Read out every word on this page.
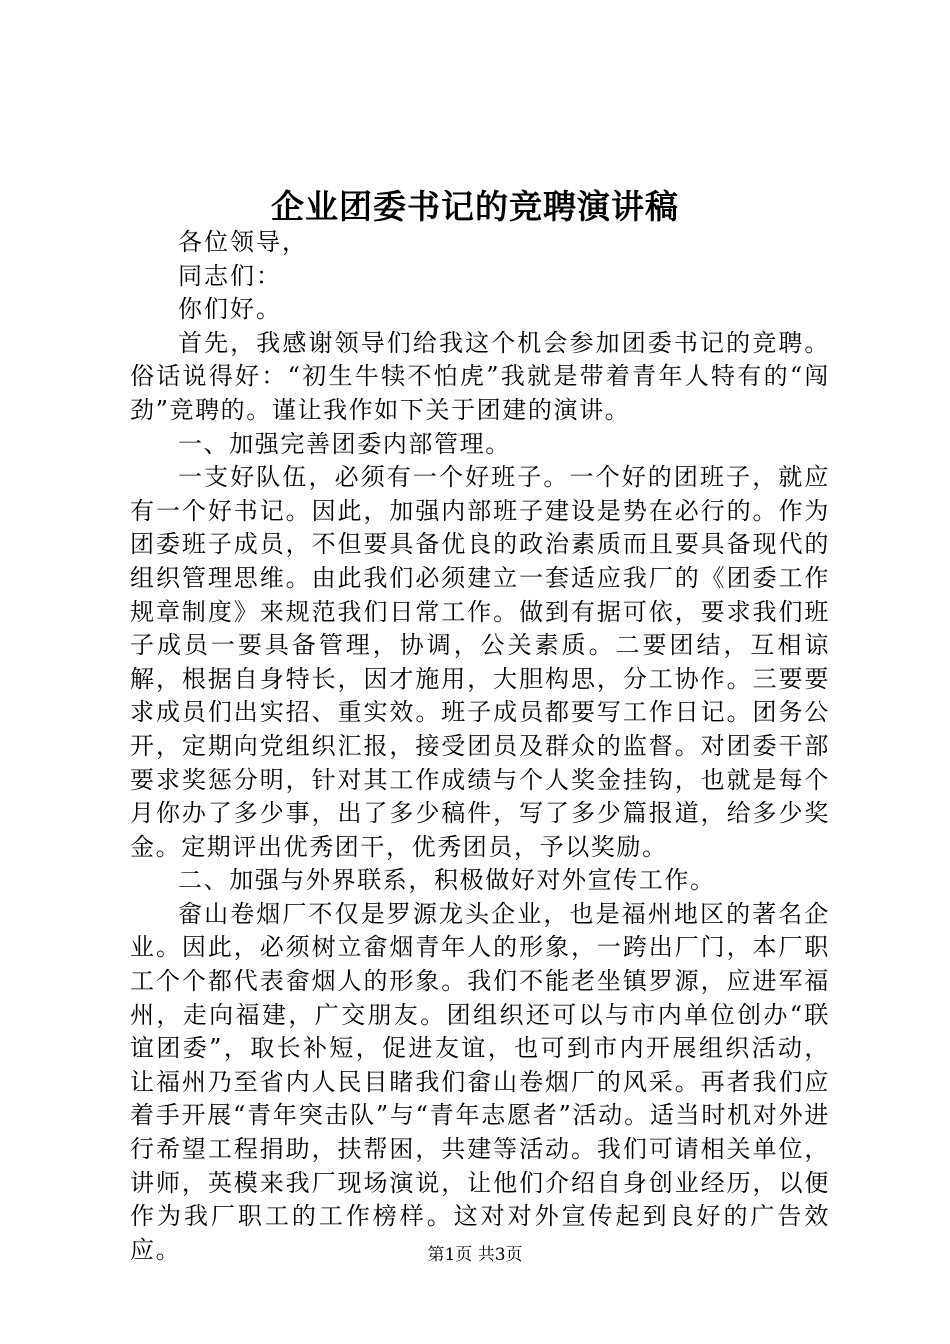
企业团委书记的竞聘演讲稿

各位领导，

同志们：

你们好。

首先，我感谢领导们给我这个机会参加团委书记的竞聘。俗话说得好：“初生牛犊不怕虎”我就是带着青年人特有的“闯劲”竞聘的。谨让我作如下关于团建的演讲。

一、加强完善团委内部管理。

一支好队伍，必须有一个好班子。一个好的团班子，就应有一个好书记。因此，加强内部班子建设是势在必行的。作为团委班子成员，不但要具备优良的政治素质而且要具备现代的组织管理思维。由此我们必须建立一套适应我厂的《团委工作规章制度》来规范我们日常工作。做到有据可依，要求我们班子成员一要具备管理，协调，公关素质。二要团结，互相谅解，根据自身特长，因才施用，大胆构思，分工协作。三要要求成员们出实招、重实效。班子成员都要写工作日记。团务公开，定期向党组织汇报，接受团员及群众的监督。对团委干部要求奖惩分明，针对其工作成绩与个人奖金挂钩，也就是每个月你办了多少事，出了多少稿件，写了多少篇报道，给多少奖金。定期评出优秀团干，优秀团员，予以奖励。

二、加强与外界联系，积极做好对外宣传工作。

畲山卷烟厂不仅是罗源龙头企业，也是福州地区的著名企业。因此，必须树立畲烟青年人的形象，一跨出厂门，本厂职工个个都代表畲烟人的形象。我们不能老坐镇罗源，应进军福州，走向福建，广交朋友。团组织还可以与市内单位创办“联谊团委”，取长补短，促进友谊，也可到市内开展组织活动，让福州乃至省内人民目睹我们畲山卷烟厂的风采。再者我们应着手开展“青年突击队”与“青年志愿者”活动。适当时机对外进行希望工程捐助，扶帮困，共建等活动。我们可请相关单位，讲师，英模来我厂现场演说，让他们介绍自身创业经历，以便作为我厂职工的工作榜样。这对对外宣传起到良好的广告效应。	第1页 共3页
